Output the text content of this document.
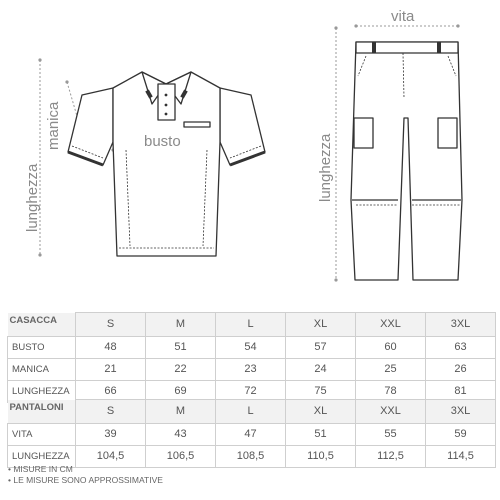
lunghezza
manica	busto
vita
lunghezza
CASACCA	S	M	L	XL	XXL	3XL
BUSTO	48	51	54	57	60	63
MANICA	21	22	23	24	25	26
LUNGHEZZA	66	69	72	75	78	81
PANTALONI	S	M	L	XL	XXL	3XL
VITA	39	43	47	51	55	59
LUNGHEZZA	104,5	106,5	108,5	110,5	112,5	114,5
• MISURE IN CM
• LE MISURE SONO APPROSSIMATIVE
